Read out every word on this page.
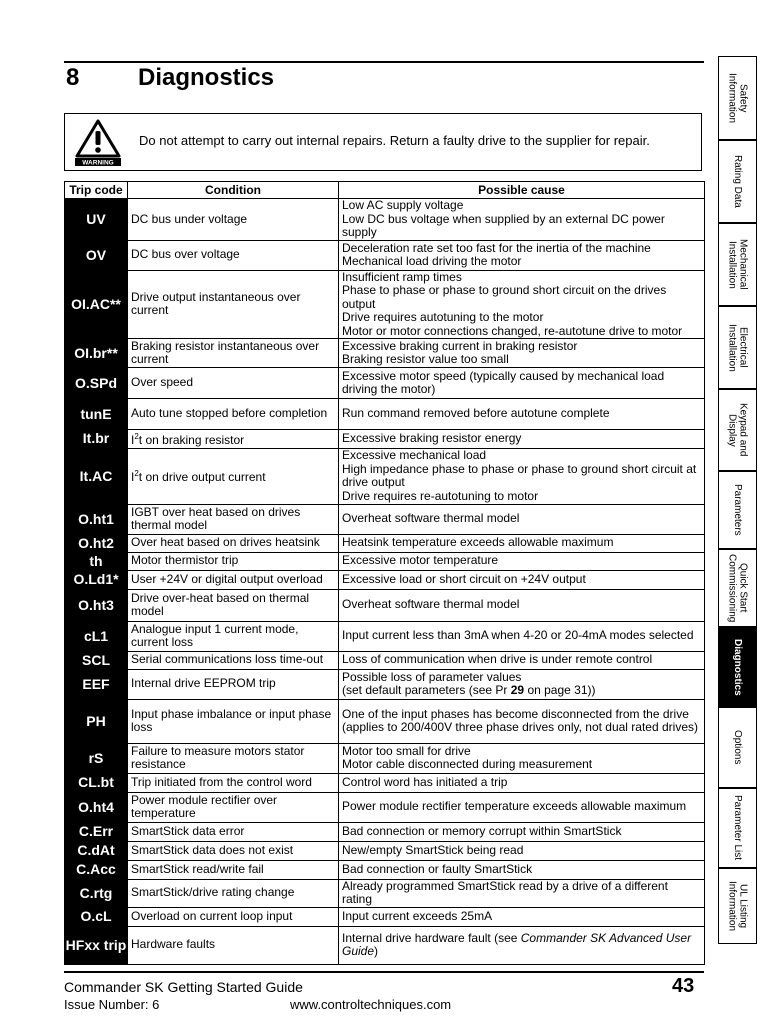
8 Diagnostics
WARNING
Do not attempt to carry out internal repairs. Return a faulty drive to the supplier for repair.
Trip code	Condition	Possible cause
UV	DC bus under voltage	Low AC supply voltage
Low DC bus voltage when supplied by an external DC power supply

OV	DC bus over voltage	Deceleration rate set too fast for the inertia of the machine
Mechanical load driving the motor

OI.AC**	Drive output instantaneous over current	Insufficient ramp times
Phase to phase or phase to ground short circuit on the drives output
Drive requires autotuning to the motor
Motor or motor connections changed, re-autotune drive to motor

OI.br**	Braking resistor instantaneous over current	Excessive braking current in braking resistor
Braking resistor value too small

O.SPd	Over speed	Excessive motor speed (typically caused by mechanical load driving the motor)

tunE	Auto tune stopped before completion	Run command removed before autotune complete

It.br	$I^2t$ on braking resistor	Excessive braking resistor energy

It.AC	$I^2t$ on drive output current	Excessive mechanical load
High impedance phase to phase or phase to ground short circuit at drive output
Drive requires re-autotuning to motor

O.ht1	IGBT over heat based on drives thermal model	Overheat software thermal model

O.ht2	Over heat based on drives heatsink	Heatsink temperature exceeds allowable maximum

th	Motor thermistor trip	Excessive motor temperature

O.Ld1*	User +24V or digital output overload	Excessive load or short circuit on +24V output

O.ht3	Drive over-heat based on thermal model	Overheat software thermal model

cL1	Analogue input 1 current mode, current loss	Input current less than 3mA when 4-20 or 20-4mA modes selected

SCL	Serial communications loss time-out	Loss of communication when drive is under remote control

EEF	Internal drive EEPROM trip	Possible loss of parameter values
(set default parameters (see Pr 29 on page 31))

PH	Input phase imbalance or input phase loss	One of the input phases has become disconnected from the drive (applies to 200/400V three phase drives only, not dual rated drives)

rS	Failure to measure motors stator resistance	Motor too small for drive
Motor cable disconnected during measurement

CL.bt	Trip initiated from the control word	Control word has initiated a trip

O.ht4	Power module rectifier over temperature	Power module rectifier temperature exceeds allowable maximum

C.Err	SmartStick data error	Bad connection or memory corrupt within SmartStick

C.dAt	SmartStick data does not exist	New/empty SmartStick being read

C.Acc	SmartStick read/write fail	Bad connection or faulty SmartStick

C.rtg	SmartStick/drive rating change	Already programmed SmartStick read by a drive of a different rating

O.cL	Overload on current loop input	Input current exceeds 25mA

HFxx trip	Hardware faults	Internal drive hardware fault (see Commander SK Advanced User Guide)
Safety
Information
Rating Data
Mechanical
Installation
Electrical
Installation
Keypad and
Display
Parameters
Quick Start
Commissioning
Diagnostics
Options
Parameter List
UL Listing
Information
Commander SK Getting Started Guide	43
Issue Number: 6	www.controltechniques.com
